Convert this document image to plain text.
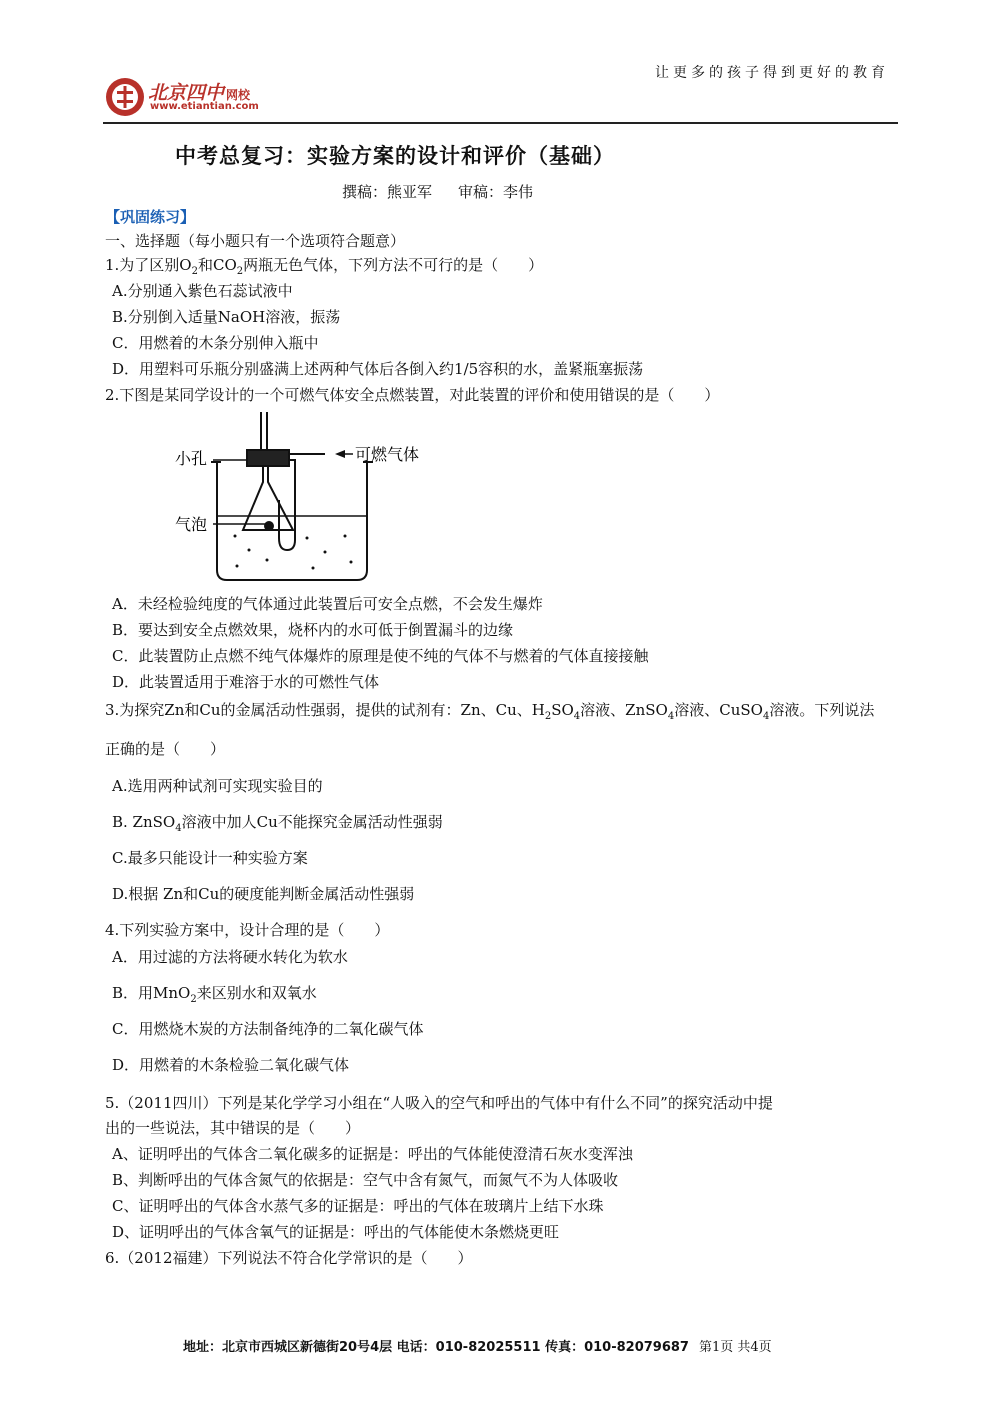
让更多的孩子得到更好的教育
北京四中 网校
www.etiantian.com
中考总复习：实验方案的设计和评价（基础）
撰稿：熊亚军 审稿：李伟
【巩固练习】
一、选择题（每小题只有一个选项符合题意）
1.为了区别$O_2$和$CO_2$两瓶无色气体，下列方法不可行的是（　　）
A.分别通入紫色石蕊试液中
B.分别倒入适量NaOH溶液，振荡
C．用燃着的木条分别伸入瓶中
D．用塑料可乐瓶分别盛满上述两种气体后各倒入约1/5容积的水，盖紧瓶塞振荡
2.下图是某同学设计的一个可燃气体安全点燃装置，对此装置的评价和使用错误的是（　　）
小孔	可燃气体
气泡
A．未经检验纯度的气体通过此装置后可安全点燃，不会发生爆炸
B．要达到安全点燃效果，烧杯内的水可低于倒置漏斗的边缘
C．此装置防止点燃不纯气体爆炸的原理是使不纯的气体不与燃着的气体直接接触
D．此装置适用于难溶于水的可燃性气体
3.为探究Zn和Cu的金属活动性强弱，提供的试剂有：Zn、Cu、$H_2SO_4$溶液、ZnSO$_4$溶液、CuSO$_4$溶液。下列说法
正确的是（　　）
A.选用两种试剂可实现实验目的
B. ZnSO$_4$溶液中加人Cu不能探究金属活动性强弱
C.最多只能设计一种实验方案
D.根据 Zn和Cu的硬度能判断金属活动性强弱
4.下列实验方案中，设计合理的是（　　）
A．用过滤的方法将硬水转化为软水
B．用MnO$_2$来区别水和双氧水
C．用燃烧木炭的方法制备纯净的二氧化碳气体
D．用燃着的木条检验二氧化碳气体
5.（2011四川）下列是某化学学习小组在“人吸入的空气和呼出的气体中有什么不同”的探究活动中提
出的一些说法，其中错误的是（　　）
A、证明呼出的气体含二氧化碳多的证据是：呼出的气体能使澄清石灰水变浑浊
B、判断呼出的气体含氮气的依据是：空气中含有氮气，而氮气不为人体吸收
C、证明呼出的气体含水蒸气多的证据是：呼出的气体在玻璃片上结下水珠
D、证明呼出的气体含氧气的证据是：呼出的气体能使木条燃烧更旺
6.（2012福建）下列说法不符合化学常识的是（　　）
地址：北京市西城区新德街20号4层 电话：010-82025511 传真：010-82079687 第1页 共4页
